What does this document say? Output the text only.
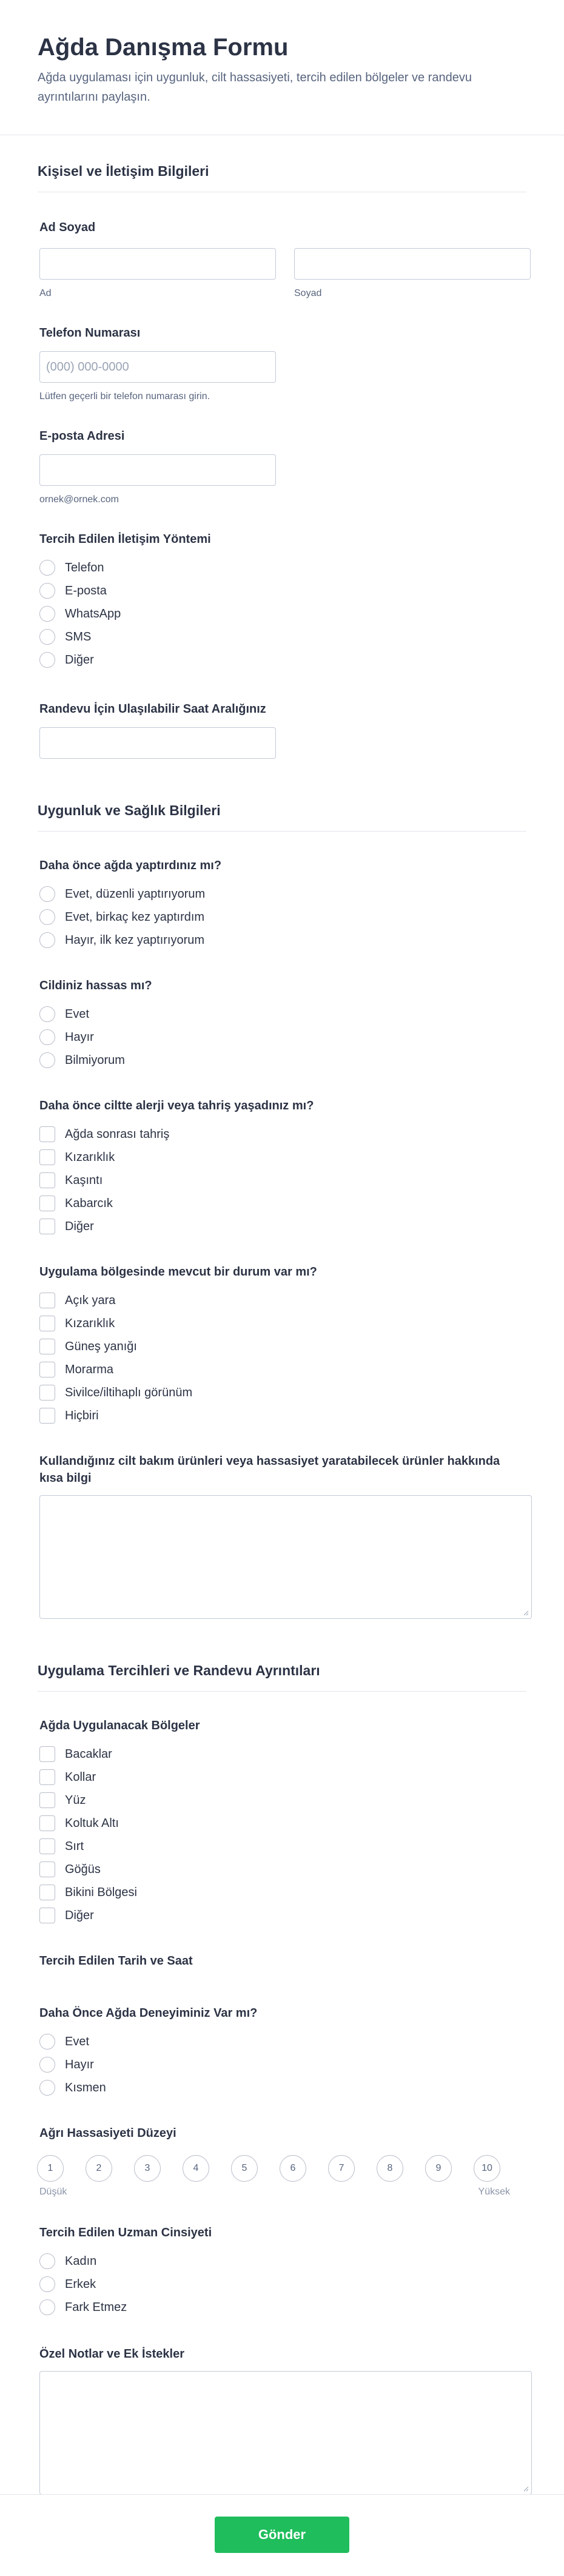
Ağda Danışma Formu

Ağda uygulaması için uygunluk, cilt hassasiyeti, tercih edilen bölgeler ve randevu ayrıntılarını paylaşın.

Kişisel ve İletişim Bilgileri
Ad Soyad
Ad	Soyad
Telefon Numarası
(000) 000-0000
Lütfen geçerli bir telefon numarası girin.
E-posta Adresi
ornek@ornek.com
Tercih Edilen İletişim Yöntemi
Telefon
E-posta
WhatsApp
SMS
Diğer
Randevu İçin Ulaşılabilir Saat Aralığınız
Uygunluk ve Sağlık Bilgileri
Daha önce ağda yaptırdınız mı?
Evet, düzenli yaptırıyorum
Evet, birkaç kez yaptırdım
Hayır, ilk kez yaptırıyorum
Cildiniz hassas mı?
Evet
Hayır
Bilmiyorum
Daha önce ciltte alerji veya tahriş yaşadınız mı?
Ağda sonrası tahriş
Kızarıklık
Kaşıntı
Kabarcık
Diğer
Uygulama bölgesinde mevcut bir durum var mı?
Açık yara
Kızarıklık
Güneş yanığı
Morarma
Sivilce/iltihaplı görünüm
Hiçbiri
Kullandığınız cilt bakım ürünleri veya hassasiyet yaratabilecek ürünler hakkında kısa bilgi
Uygulama Tercihleri ve Randevu Ayrıntıları
Ağda Uygulanacak Bölgeler
Bacaklar
Kollar
Yüz
Koltuk Altı
Sırt
Göğüs
Bikini Bölgesi
Diğer
Tercih Edilen Tarih ve Saat
Daha Önce Ağda Deneyiminiz Var mı?
Evet
Hayır
Kısmen
Ağrı Hassasiyeti Düzeyi
1	2	3	4	5	6	7	8	9	10
Düşük	Yüksek
Tercih Edilen Uzman Cinsiyeti
Kadın
Erkek
Fark Etmez
Özel Notlar ve Ek İstekler
Gönder
